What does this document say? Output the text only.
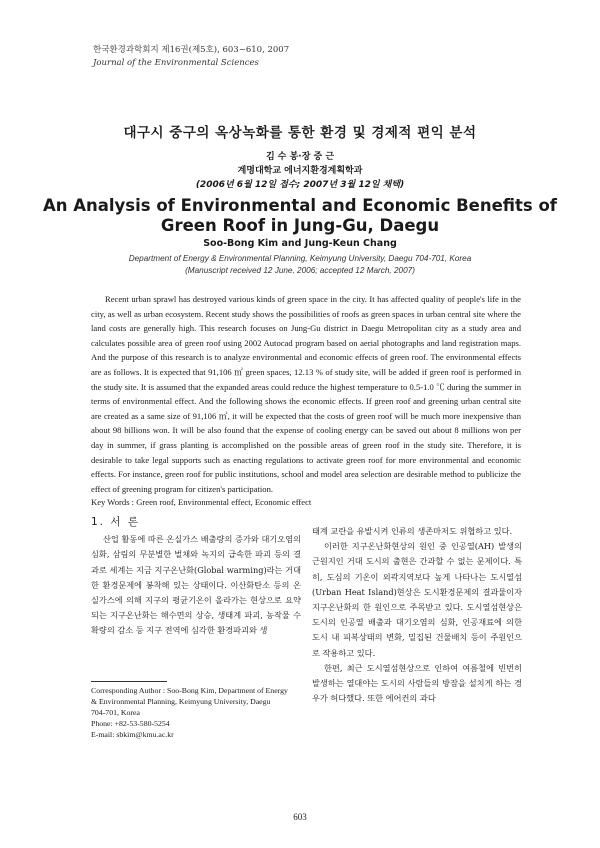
한국환경과학회지 제16권(제5호), 603~610, 2007
Journal of the Environmental Sciences
대구시 중구의 옥상녹화를 통한 환경 및 경제적 편익 분석
김 수 봉·장 중 근
계명대학교 에너지환경계획학과
(2006년 6월 12일 접수; 2007년 3월 12일 채택)
An Analysis of Environmental and Economic Benefits of
Green Roof in Jung-Gu, Daegu
Soo-Bong Kim and Jung-Keun Chang
Department of Energy & Environmental Planning, Keimyung University, Daegu 704-701, Korea
(Manuscript received 12 June, 2006; accepted 12 March, 2007)

Recent urban sprawl has destroyed various kinds of green space in the city. It has affected quality of people's life in the city, as well as urban ecosystem. Recent study shows the possibilities of roofs as green spaces in urban central site where the land costs are generally high. This research focuses on Jung-Gu district in Daegu Metropolitan city as a study area and calculates possible area of green roof using 2002 Autocad program based on aerial photographs and land registration maps. And the purpose of this research is to analyze environmental and economic effects of green roof. The environmental effects are as follows. It is expected that 91,106 ㎡ green spaces, 12.13 % of study site, will be added if green roof is performed in the study site. It is assumed that the expanded areas could reduce the highest temperature to 0.5-1.0 ℃ during the summer in terms of environmental effect. And the following shows the economic effects. If green roof and greening urban central site are created as a same size of 91,106 ㎡, it will be expected that the costs of green roof will be much more inexpensive than about 98 billions won. It will be also found that the expense of cooling energy can be saved out about 8 millions won per day in summer, if grass planting is accomplished on the possible areas of green roof in the study site. Therefore, it is desirable to take legal supports such as enacting regulations to activate green roof for more environmental and economic effects. For instance, green roof for public institutions, school and model area selection are desirable method to publicize the effect of greening program for citizen's participation.

Key Words : Green roof, Environmental effect, Economic effect
1. 서 론

산업 활동에 따른 온실가스 배출량의 증가와 대기오염의 심화, 삼림의 무분별한 벌채와 녹지의 급속한 파괴 등의 결과로 세계는 지금 지구온난화(Global warming)라는 거대한 환경문제에 봉착해 있는 상태이다. 이산화탄소 등의 온실가스에 의해 지구의 평균기온이 올라가는 현상으로 요약되는 지구온난화는 해수면의 상승, 생태계 파괴, 농작물 수확량의 감소 등 지구 전역에 심각한 환경파괴와 생

태계 교란을 유발시켜 인류의 생존마저도 위협하고 있다.

이러한 지구온난화현상의 원인 중 인공열(AH) 발생의 근원지인 거대 도시의 출현은 간과할 수 없는 문제이다. 특히, 도심의 기온이 외곽지역보다 높게 나타나는 도시열섬(Urban Heat Island)현상은 도시환경문제의 결과물이자 지구온난화의 한 원인으로 주목받고 있다. 도시열섬현상은 도시의 인공열 배출과 대기오염의 심화, 인공재료에 의한 도시 내 피복상태의 변화, 밀집된 건물배치 등이 주원인으로 작용하고 있다.

한편, 최근 도시열섬현상으로 인하여 여름철에 빈번히 발생하는 열대야는 도시의 사람들의 방잠을 설치게 하는 경우가 허다했다. 또한 에어컨의 과다

Corresponding Author : Soo-Bong Kim, Department of Energy
& Environmental Planning, Keimyung University, Daegu
704-701, Korea
Phone: +82-53-580-5254
E-mail: sbkim@kmu.ac.kr
603
